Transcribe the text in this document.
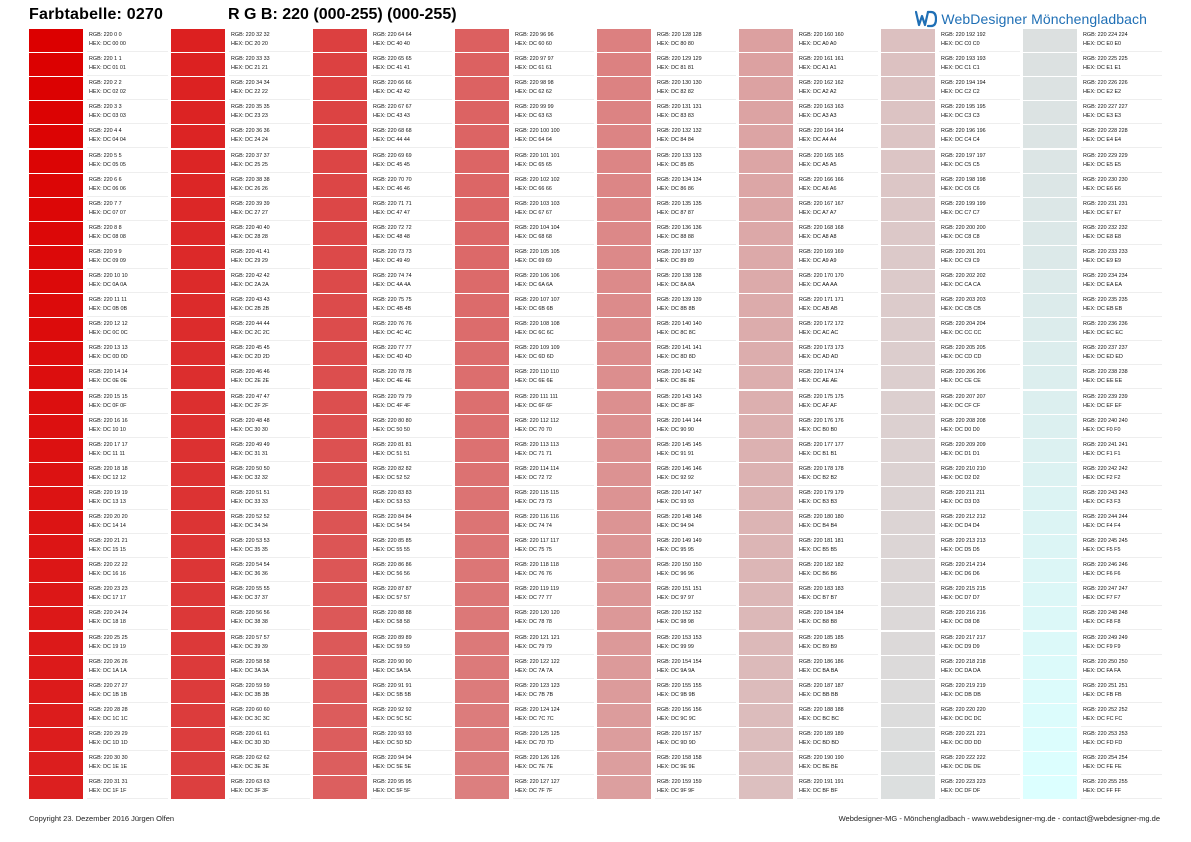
Farbtabelle: 0270	R G B: 220 (000-255) (000-255)	WebDesigner Mönchengladbach
RGB: 220 0 0
HEX: DC 00 00
RGB: 220 1 1
HEX: DC 01 01
RGB: 220 2 2
HEX: DC 02 02
RGB: 220 3 3
HEX: DC 03 03
RGB: 220 4 4
HEX: DC 04 04
RGB: 220 5 5
HEX: DC 05 05
RGB: 220 6 6
HEX: DC 06 06
RGB: 220 7 7
HEX: DC 07 07
RGB: 220 8 8
HEX: DC 08 08
RGB: 220 9 9
HEX: DC 09 09
RGB: 220 10 10
HEX: DC 0A 0A
RGB: 220 11 11
HEX: DC 0B 0B
RGB: 220 12 12
HEX: DC 0C 0C
RGB: 220 13 13
HEX: DC 0D 0D
RGB: 220 14 14
HEX: DC 0E 0E
RGB: 220 15 15
HEX: DC 0F 0F
RGB: 220 16 16
HEX: DC 10 10
RGB: 220 17 17
HEX: DC 11 11
RGB: 220 18 18
HEX: DC 12 12
RGB: 220 19 19
HEX: DC 13 13
RGB: 220 20 20
HEX: DC 14 14
RGB: 220 21 21
HEX: DC 15 15
RGB: 220 22 22
HEX: DC 16 16
RGB: 220 23 23
HEX: DC 17 17
RGB: 220 24 24
HEX: DC 18 18
RGB: 220 25 25
HEX: DC 19 19
RGB: 220 26 26
HEX: DC 1A 1A
RGB: 220 27 27
HEX: DC 1B 1B
RGB: 220 28 28
HEX: DC 1C 1C
RGB: 220 29 29
HEX: DC 1D 1D
RGB: 220 30 30
HEX: DC 1E 1E
RGB: 220 31 31
HEX: DC 1F 1F
RGB: 220 32 32
HEX: DC 20 20
RGB: 220 33 33
HEX: DC 21 21
RGB: 220 34 34
HEX: DC 22 22
RGB: 220 35 35
HEX: DC 23 23
RGB: 220 36 36
HEX: DC 24 24
RGB: 220 37 37
HEX: DC 25 25
RGB: 220 38 38
HEX: DC 26 26
RGB: 220 39 39
HEX: DC 27 27
RGB: 220 40 40
HEX: DC 28 28
RGB: 220 41 41
HEX: DC 29 29
RGB: 220 42 42
HEX: DC 2A 2A
RGB: 220 43 43
HEX: DC 2B 2B
RGB: 220 44 44
HEX: DC 2C 2C
RGB: 220 45 45
HEX: DC 2D 2D
RGB: 220 46 46
HEX: DC 2E 2E
RGB: 220 47 47
HEX: DC 2F 2F
RGB: 220 48 48
HEX: DC 30 30
RGB: 220 49 49
HEX: DC 31 31
RGB: 220 50 50
HEX: DC 32 32
RGB: 220 51 51
HEX: DC 33 33
RGB: 220 52 52
HEX: DC 34 34
RGB: 220 53 53
HEX: DC 35 35
RGB: 220 54 54
HEX: DC 36 36
RGB: 220 55 55
HEX: DC 37 37
RGB: 220 56 56
HEX: DC 38 38
RGB: 220 57 57
HEX: DC 39 39
RGB: 220 58 58
HEX: DC 3A 3A
RGB: 220 59 59
HEX: DC 3B 3B
RGB: 220 60 60
HEX: DC 3C 3C
RGB: 220 61 61
HEX: DC 3D 3D
RGB: 220 62 62
HEX: DC 3E 3E
RGB: 220 63 63
HEX: DC 3F 3F
RGB: 220 64 64
HEX: DC 40 40
RGB: 220 65 65
HEX: DC 41 41
RGB: 220 66 66
HEX: DC 42 42
RGB: 220 67 67
HEX: DC 43 43
RGB: 220 68 68
HEX: DC 44 44
RGB: 220 69 69
HEX: DC 45 45
RGB: 220 70 70
HEX: DC 46 46
RGB: 220 71 71
HEX: DC 47 47
RGB: 220 72 72
HEX: DC 48 48
RGB: 220 73 73
HEX: DC 49 49
RGB: 220 74 74
HEX: DC 4A 4A
RGB: 220 75 75
HEX: DC 4B 4B
RGB: 220 76 76
HEX: DC 4C 4C
RGB: 220 77 77
HEX: DC 4D 4D
RGB: 220 78 78
HEX: DC 4E 4E
RGB: 220 79 79
HEX: DC 4F 4F
RGB: 220 80 80
HEX: DC 50 50
RGB: 220 81 81
HEX: DC 51 51
RGB: 220 82 82
HEX: DC 52 52
RGB: 220 83 83
HEX: DC 53 53
RGB: 220 84 84
HEX: DC 54 54
RGB: 220 85 85
HEX: DC 55 55
RGB: 220 86 86
HEX: DC 56 56
RGB: 220 87 87
HEX: DC 57 57
RGB: 220 88 88
HEX: DC 58 58
RGB: 220 89 89
HEX: DC 59 59
RGB: 220 90 90
HEX: DC 5A 5A
RGB: 220 91 91
HEX: DC 5B 5B
RGB: 220 92 92
HEX: DC 5C 5C
RGB: 220 93 93
HEX: DC 5D 5D
RGB: 220 94 94
HEX: DC 5E 5E
RGB: 220 95 95
HEX: DC 5F 5F
RGB: 220 96 96
HEX: DC 60 60
RGB: 220 97 97
HEX: DC 61 61
RGB: 220 98 98
HEX: DC 62 62
RGB: 220 99 99
HEX: DC 63 63
RGB: 220 100 100
HEX: DC 64 64
RGB: 220 101 101
HEX: DC 65 65
RGB: 220 102 102
HEX: DC 66 66
RGB: 220 103 103
HEX: DC 67 67
RGB: 220 104 104
HEX: DC 68 68
RGB: 220 105 105
HEX: DC 69 69
RGB: 220 106 106
HEX: DC 6A 6A
RGB: 220 107 107
HEX: DC 6B 6B
RGB: 220 108 108
HEX: DC 6C 6C
RGB: 220 109 109
HEX: DC 6D 6D
RGB: 220 110 110
HEX: DC 6E 6E
RGB: 220 111 111
HEX: DC 6F 6F
RGB: 220 112 112
HEX: DC 70 70
RGB: 220 113 113
HEX: DC 71 71
RGB: 220 114 114
HEX: DC 72 72
RGB: 220 115 115
HEX: DC 73 73
RGB: 220 116 116
HEX: DC 74 74
RGB: 220 117 117
HEX: DC 75 75
RGB: 220 118 118
HEX: DC 76 76
RGB: 220 119 119
HEX: DC 77 77
RGB: 220 120 120
HEX: DC 78 78
RGB: 220 121 121
HEX: DC 79 79
RGB: 220 122 122
HEX: DC 7A 7A
RGB: 220 123 123
HEX: DC 7B 7B
RGB: 220 124 124
HEX: DC 7C 7C
RGB: 220 125 125
HEX: DC 7D 7D
RGB: 220 126 126
HEX: DC 7E 7E
RGB: 220 127 127
HEX: DC 7F 7F
RGB: 220 128 128
HEX: DC 80 80
RGB: 220 129 129
HEX: DC 81 81
RGB: 220 130 130
HEX: DC 82 82
RGB: 220 131 131
HEX: DC 83 83
RGB: 220 132 132
HEX: DC 84 84
RGB: 220 133 133
HEX: DC 85 85
RGB: 220 134 134
HEX: DC 86 86
RGB: 220 135 135
HEX: DC 87 87
RGB: 220 136 136
HEX: DC 88 88
RGB: 220 137 137
HEX: DC 89 89
RGB: 220 138 138
HEX: DC 8A 8A
RGB: 220 139 139
HEX: DC 8B 8B
RGB: 220 140 140
HEX: DC 8C 8C
RGB: 220 141 141
HEX: DC 8D 8D
RGB: 220 142 142
HEX: DC 8E 8E
RGB: 220 143 143
HEX: DC 8F 8F
RGB: 220 144 144
HEX: DC 90 90
RGB: 220 145 145
HEX: DC 91 91
RGB: 220 146 146
HEX: DC 92 92
RGB: 220 147 147
HEX: DC 93 93
RGB: 220 148 148
HEX: DC 94 94
RGB: 220 149 149
HEX: DC 95 95
RGB: 220 150 150
HEX: DC 96 96
RGB: 220 151 151
HEX: DC 97 97
RGB: 220 152 152
HEX: DC 98 98
RGB: 220 153 153
HEX: DC 99 99
RGB: 220 154 154
HEX: DC 9A 9A
RGB: 220 155 155
HEX: DC 9B 9B
RGB: 220 156 156
HEX: DC 9C 9C
RGB: 220 157 157
HEX: DC 9D 9D
RGB: 220 158 158
HEX: DC 9E 9E
RGB: 220 159 159
HEX: DC 9F 9F
RGB: 220 160 160
HEX: DC A0 A0
RGB: 220 161 161
HEX: DC A1 A1
RGB: 220 162 162
HEX: DC A2 A2
RGB: 220 163 163
HEX: DC A3 A3
RGB: 220 164 164
HEX: DC A4 A4
RGB: 220 165 165
HEX: DC A5 A5
RGB: 220 166 166
HEX: DC A6 A6
RGB: 220 167 167
HEX: DC A7 A7
RGB: 220 168 168
HEX: DC A8 A8
RGB: 220 169 169
HEX: DC A9 A9
RGB: 220 170 170
HEX: DC AA AA
RGB: 220 171 171
HEX: DC AB AB
RGB: 220 172 172
HEX: DC AC AC
RGB: 220 173 173
HEX: DC AD AD
RGB: 220 174 174
HEX: DC AE AE
RGB: 220 175 175
HEX: DC AF AF
RGB: 220 176 176
HEX: DC B0 B0
RGB: 220 177 177
HEX: DC B1 B1
RGB: 220 178 178
HEX: DC B2 B2
RGB: 220 179 179
HEX: DC B3 B3
RGB: 220 180 180
HEX: DC B4 B4
RGB: 220 181 181
HEX: DC B5 B5
RGB: 220 182 182
HEX: DC B6 B6
RGB: 220 183 183
HEX: DC B7 B7
RGB: 220 184 184
HEX: DC B8 B8
RGB: 220 185 185
HEX: DC B9 B9
RGB: 220 186 186
HEX: DC BA BA
RGB: 220 187 187
HEX: DC BB BB
RGB: 220 188 188
HEX: DC BC BC
RGB: 220 189 189
HEX: DC BD BD
RGB: 220 190 190
HEX: DC BE BE
RGB: 220 191 191
HEX: DC BF BF
RGB: 220 192 192
HEX: DC C0 C0
RGB: 220 193 193
HEX: DC C1 C1
RGB: 220 194 194
HEX: DC C2 C2
RGB: 220 195 195
HEX: DC C3 C3
RGB: 220 196 196
HEX: DC C4 C4
RGB: 220 197 197
HEX: DC C5 C5
RGB: 220 198 198
HEX: DC C6 C6
RGB: 220 199 199
HEX: DC C7 C7
RGB: 220 200 200
HEX: DC C8 C8
RGB: 220 201 201
HEX: DC C9 C9
RGB: 220 202 202
HEX: DC CA CA
RGB: 220 203 203
HEX: DC CB CB
RGB: 220 204 204
HEX: DC CC CC
RGB: 220 205 205
HEX: DC CD CD
RGB: 220 206 206
HEX: DC CE CE
RGB: 220 207 207
HEX: DC CF CF
RGB: 220 208 208
HEX: DC D0 D0
RGB: 220 209 209
HEX: DC D1 D1
RGB: 220 210 210
HEX: DC D2 D2
RGB: 220 211 211
HEX: DC D3 D3
RGB: 220 212 212
HEX: DC D4 D4
RGB: 220 213 213
HEX: DC D5 D5
RGB: 220 214 214
HEX: DC D6 D6
RGB: 220 215 215
HEX: DC D7 D7
RGB: 220 216 216
HEX: DC D8 D8
RGB: 220 217 217
HEX: DC D9 D9
RGB: 220 218 218
HEX: DC DA DA
RGB: 220 219 219
HEX: DC DB DB
RGB: 220 220 220
HEX: DC DC DC
RGB: 220 221 221
HEX: DC DD DD
RGB: 220 222 222
HEX: DC DE DE
RGB: 220 223 223
HEX: DC DF DF
RGB: 220 224 224
HEX: DC E0 E0
RGB: 220 225 225
HEX: DC E1 E1
RGB: 220 226 226
HEX: DC E2 E2
RGB: 220 227 227
HEX: DC E3 E3
RGB: 220 228 228
HEX: DC E4 E4
RGB: 220 229 229
HEX: DC E5 E5
RGB: 220 230 230
HEX: DC E6 E6
RGB: 220 231 231
HEX: DC E7 E7
RGB: 220 232 232
HEX: DC E8 E8
RGB: 220 233 233
HEX: DC E9 E9
RGB: 220 234 234
HEX: DC EA EA
RGB: 220 235 235
HEX: DC EB EB
RGB: 220 236 236
HEX: DC EC EC
RGB: 220 237 237
HEX: DC ED ED
RGB: 220 238 238
HEX: DC EE EE
RGB: 220 239 239
HEX: DC EF EF
RGB: 220 240 240
HEX: DC F0 F0
RGB: 220 241 241
HEX: DC F1 F1
RGB: 220 242 242
HEX: DC F2 F2
RGB: 220 243 243
HEX: DC F3 F3
RGB: 220 244 244
HEX: DC F4 F4
RGB: 220 245 245
HEX: DC F5 F5
RGB: 220 246 246
HEX: DC F6 F6
RGB: 220 247 247
HEX: DC F7 F7
RGB: 220 248 248
HEX: DC F8 F8
RGB: 220 249 249
HEX: DC F9 F9
RGB: 220 250 250
HEX: DC FA FA
RGB: 220 251 251
HEX: DC FB FB
RGB: 220 252 252
HEX: DC FC FC
RGB: 220 253 253
HEX: DC FD FD
RGB: 220 254 254
HEX: DC FE FE
RGB: 220 255 255
HEX: DC FF FF
Copyright 23. Dezember 2016 Jürgen Olfen	Webdesigner-MG - Mönchengladbach - www.webdesigner-mg.de - contact@webdesigner-mg.de
